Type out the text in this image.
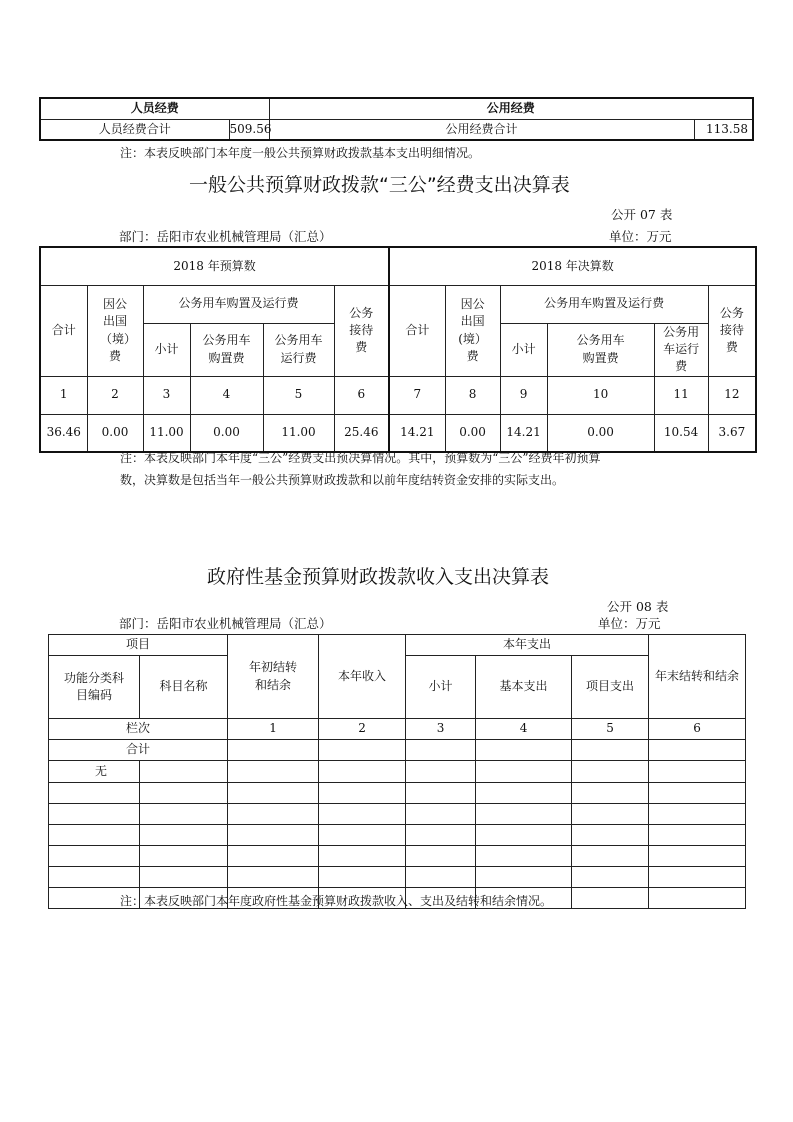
人员经费		公用经费	
人员经费合计	509.56	公用经费合计	113.58
注：本表反映部门本年度一般公共预算财政拨款基本支出明细情况。
一般公共预算财政拨款“三公”经费支出决算表
公开 07 表
部门：岳阳市农业机械管理局（汇总）	单位：万元
2018 年预算数						2018 年决算数					
合计	因公出国（境）费	公务用车购置及运行费			公务接待费	合计	因公出国(境）费	公务用车购置及运行费			公务接待费
		小计	公务用车购置费	公务用车运行费				小计	公务用车购置费	公务用车运行费	
1	2	3	4	5	6	7	8	9	10	11	12
36.46	0.00	11.00	0.00	11.00	25.46	14.21	0.00	14.21	0.00	10.54	3.67
注：本表反映部门本年度“三公”经费支出预决算情况。其中，预算数为“三公”经费年初预算
数，决算数是包括当年一般公共预算财政拨款和以前年度结转资金安排的实际支出。
政府性基金预算财政拨款收入支出决算表
公开 08 表
部门：岳阳市农业机械管理局（汇总）	单位：万元
项目		年初结转和结余	本年收入	本年支出			年末结转和结余
功能分类科目编码	科目名称			小计	基本支出	项目支出	
栏次		1	2	3	4	5	6
合计							
无							

注：本表反映部门本年度政府性基金预算财政拨款收入、支出及结转和结余情况。
